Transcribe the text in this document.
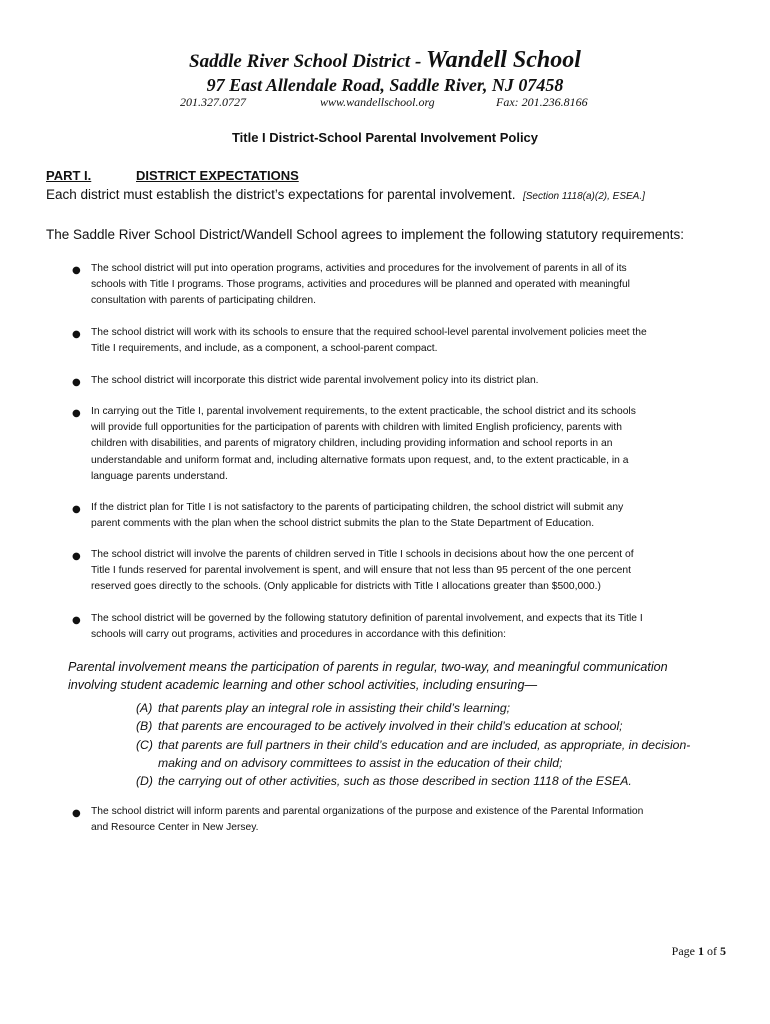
Saddle River School District - Wandell School
97 East Allendale Road, Saddle River, NJ 07458
201.327.0727	www.wandellschool.org	Fax: 201.236.8166
Title I District-School Parental Involvement Policy
PART I.	DISTRICT EXPECTATIONS
Each district must establish the district’s expectations for parental involvement. [Section 1118(a)(2), ESEA.]
The Saddle River School District/Wandell School agrees to implement the following statutory requirements:
● The school district will put into operation programs, activities and procedures for the involvement of parents in all of its
schools with Title I programs. Those programs, activities and procedures will be planned and operated with meaningful
consultation with parents of participating children.
● The school district will work with its schools to ensure that the required school-level parental involvement policies meet the
Title I requirements, and include, as a component, a school-parent compact.
● The school district will incorporate this district wide parental involvement policy into its district plan.
● In carrying out the Title I, parental involvement requirements, to the extent practicable, the school district and its schools
will provide full opportunities for the participation of parents with children with limited English proficiency, parents with
children with disabilities, and parents of migratory children, including providing information and school reports in an
understandable and uniform format and, including alternative formats upon request, and, to the extent practicable, in a
language parents understand.
● If the district plan for Title I is not satisfactory to the parents of participating children, the school district will submit any
parent comments with the plan when the school district submits the plan to the State Department of Education.
● The school district will involve the parents of children served in Title I schools in decisions about how the one percent of
Title I funds reserved for parental involvement is spent, and will ensure that not less than 95 percent of the one percent
reserved goes directly to the schools. (Only applicable for districts with Title I allocations greater than $500,000.)
● The school district will be governed by the following statutory definition of parental involvement, and expects that its Title I
schools will carry out programs, activities and procedures in accordance with this definition:
Parental involvement means the participation of parents in regular, two-way, and meaningful communication
involving student academic learning and other school activities, including ensuring—
(A) that parents play an integral role in assisting their child’s learning;
(B) that parents are encouraged to be actively involved in their child’s education at school;
(C) that parents are full partners in their child’s education and are included, as appropriate, in decision-
making and on advisory committees to assist in the education of their child;
(D) the carrying out of other activities, such as those described in section 1118 of the ESEA.
● The school district will inform parents and parental organizations of the purpose and existence of the Parental Information
and Resource Center in New Jersey.
Page 1 of 5
